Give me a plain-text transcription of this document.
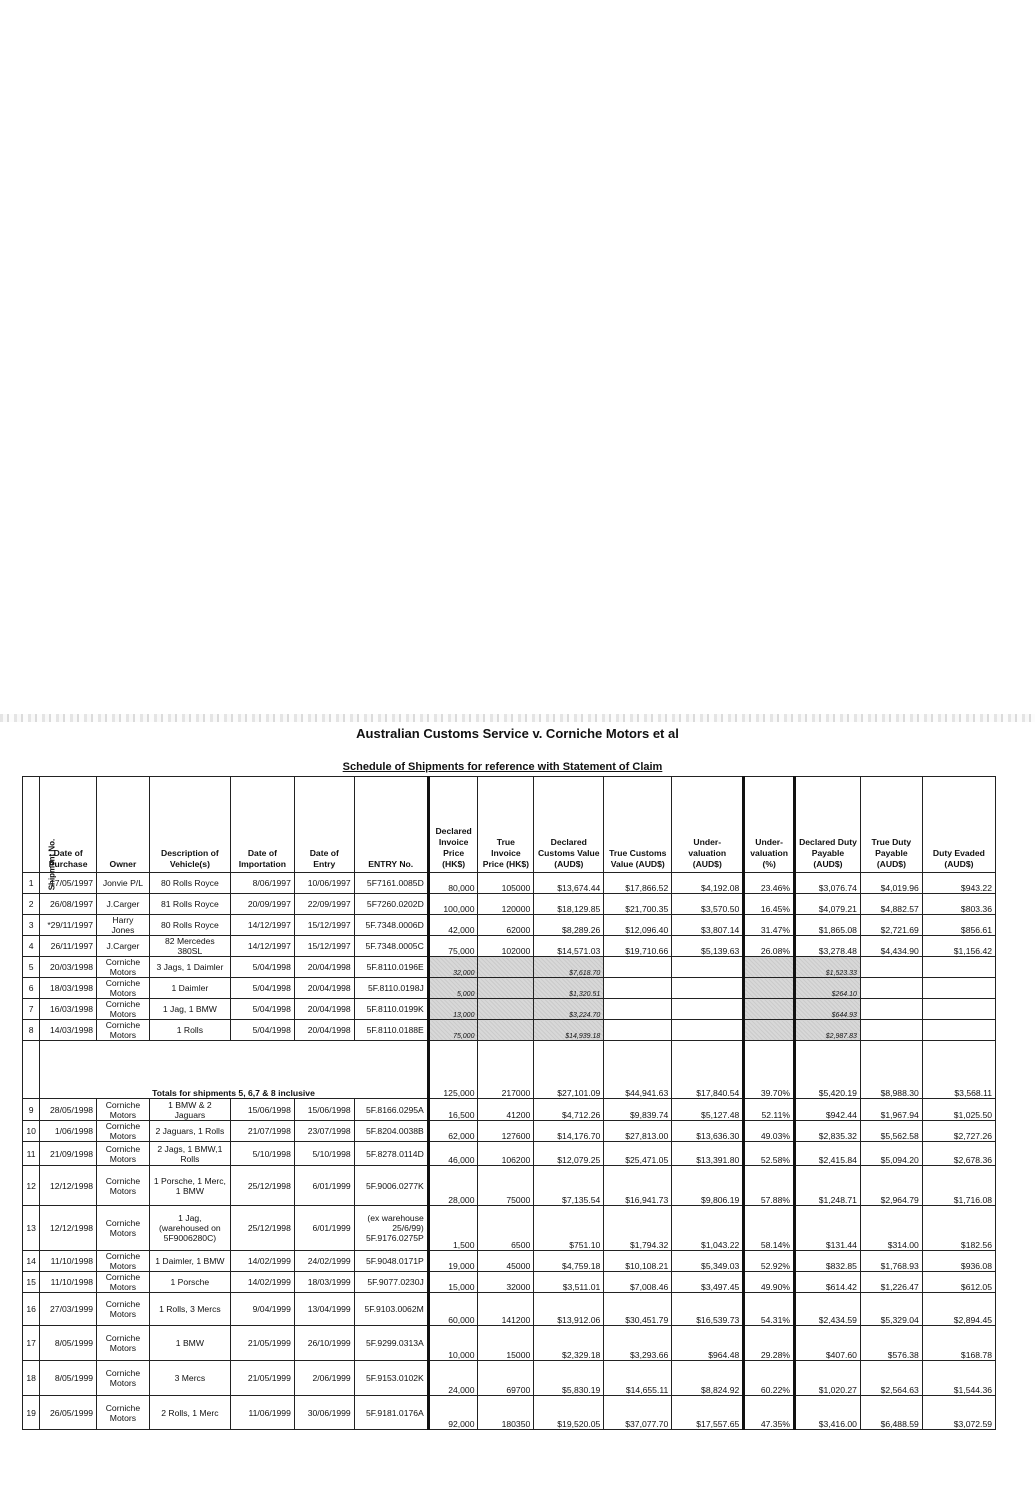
Australian Customs Service v. Corniche Motors et al
Schedule of Shipments for reference with Statement of Claim
Shipment No.	Date of Purchase	Owner	Description of Vehicle(s)	Date of Importation	Date of Entry	ENTRY No.	Declared Invoice Price (HK$)	True Invoice Price (HK$)	Declared Customs Value (AUD$)	True Customs Value (AUD$)	Under-valuation (AUD$)	Under-valuation (%)	Declared Duty Payable (AUD$)	True Duty Payable (AUD$)	Duty Evaded (AUD$)
1	17/05/1997	Jonvie P/L	80 Rolls Royce	8/06/1997	10/06/1997	5F7161.0085D	80,000	105000	$13,674.44	$17,866.52	$4,192.08	23.46%	$3,076.74	$4,019.96	$943.22
2	26/08/1997	J.Carger	81 Rolls Royce	20/09/1997	22/09/1997	5F7260.0202D	100,000	120000	$18,129.85	$21,700.35	$3,570.50	16.45%	$4,079.21	$4,882.57	$803.36
3	*29/11/1997	Harry Jones	80 Rolls Royce	14/12/1997	15/12/1997	5F.7348.0006D	42,000	62000	$8,289.26	$12,096.40	$3,807.14	31.47%	$1,865.08	$2,721.69	$856.61
4	26/11/1997	J.Carger	82 Mercedes 380SL	14/12/1997	15/12/1997	5F.7348.0005C	75,000	102000	$14,571.03	$19,710.66	$5,139.63	26.08%	$3,278.48	$4,434.90	$1,156.42
5	20/03/1998	Corniche Motors	3 Jags, 1 Daimler	5/04/1998	20/04/1998	5F.8110.0196E	32,000		$7,618.70				$1,523.33		
6	18/03/1998	Corniche Motors	1 Daimler	5/04/1998	20/04/1998	5F.8110.0198J	5,000		$1,320.51				$264.10		
7	16/03/1998	Corniche Motors	1 Jag, 1 BMW	5/04/1998	20/04/1998	5F.8110.0199K	13,000		$3,224.70				$644.93		
8	14/03/1998	Corniche Motors	1 Rolls	5/04/1998	20/04/1998	5F.8110.0188E	75,000		$14,939.18				$2,987.83		
	Totals for shipments 5, 6,7 & 8 inclusive						125,000	217000	$27,101.09	$44,941.63	$17,840.54	39.70%	$5,420.19	$8,988.30	$3,568.11
9	28/05/1998	Corniche Motors	1 BMW & 2 Jaguars	15/06/1998	15/06/1998	5F.8166.0295A	16,500	41200	$4,712.26	$9,839.74	$5,127.48	52.11%	$942.44	$1,967.94	$1,025.50
10	1/06/1998	Corniche Motors	2 Jaguars, 1 Rolls	21/07/1998	23/07/1998	5F.8204.0038B	62,000	127600	$14,176.70	$27,813.00	$13,636.30	49.03%	$2,835.32	$5,562.58	$2,727.26
11	21/09/1998	Corniche Motors	2 Jags, 1 BMW,1 Rolls	5/10/1998	5/10/1998	5F.8278.0114D	46,000	106200	$12,079.25	$25,471.05	$13,391.80	52.58%	$2,415.84	$5,094.20	$2,678.36
12	12/12/1998	Corniche Motors	1 Porsche, 1 Merc, 1 BMW	25/12/1998	6/01/1999	5F.9006.0277K	28,000	75000	$7,135.54	$16,941.73	$9,806.19	57.88%	$1,248.71	$2,964.79	$1,716.08
13	12/12/1998	Corniche Motors	1 Jag, (warehoused on 5F9006280C)	25/12/1998	6/01/1999	(ex warehouse 25/6/99) 5F.9176.0275P	1,500	6500	$751.10	$1,794.32	$1,043.22	58.14%	$131.44	$314.00	$182.56
14	11/10/1998	Corniche Motors	1 Daimler, 1 BMW	14/02/1999	24/02/1999	5F.9048.0171P	19,000	45000	$4,759.18	$10,108.21	$5,349.03	52.92%	$832.85	$1,768.93	$936.08
15	11/10/1998	Corniche Motors	1 Porsche	14/02/1999	18/03/1999	5F.9077.0230J	15,000	32000	$3,511.01	$7,008.46	$3,497.45	49.90%	$614.42	$1,226.47	$612.05
16	27/03/1999	Corniche Motors	1 Rolls, 3 Mercs	9/04/1999	13/04/1999	5F.9103.0062M	60,000	141200	$13,912.06	$30,451.79	$16,539.73	54.31%	$2,434.59	$5,329.04	$2,894.45
17	8/05/1999	Corniche Motors	1 BMW	21/05/1999	26/10/1999	5F.9299.0313A	10,000	15000	$2,329.18	$3,293.66	$964.48	29.28%	$407.60	$576.38	$168.78
18	8/05/1999	Corniche Motors	3 Mercs	21/05/1999	2/06/1999	5F.9153.0102K	24,000	69700	$5,830.19	$14,655.11	$8,824.92	60.22%	$1,020.27	$2,564.63	$1,544.36
19	26/05/1999	Corniche Motors	2 Rolls, 1 Merc	11/06/1999	30/06/1999	5F.9181.0176A	92,000	180350	$19,520.05	$37,077.70	$17,557.65	47.35%	$3,416.00	$6,488.59	$3,072.59
